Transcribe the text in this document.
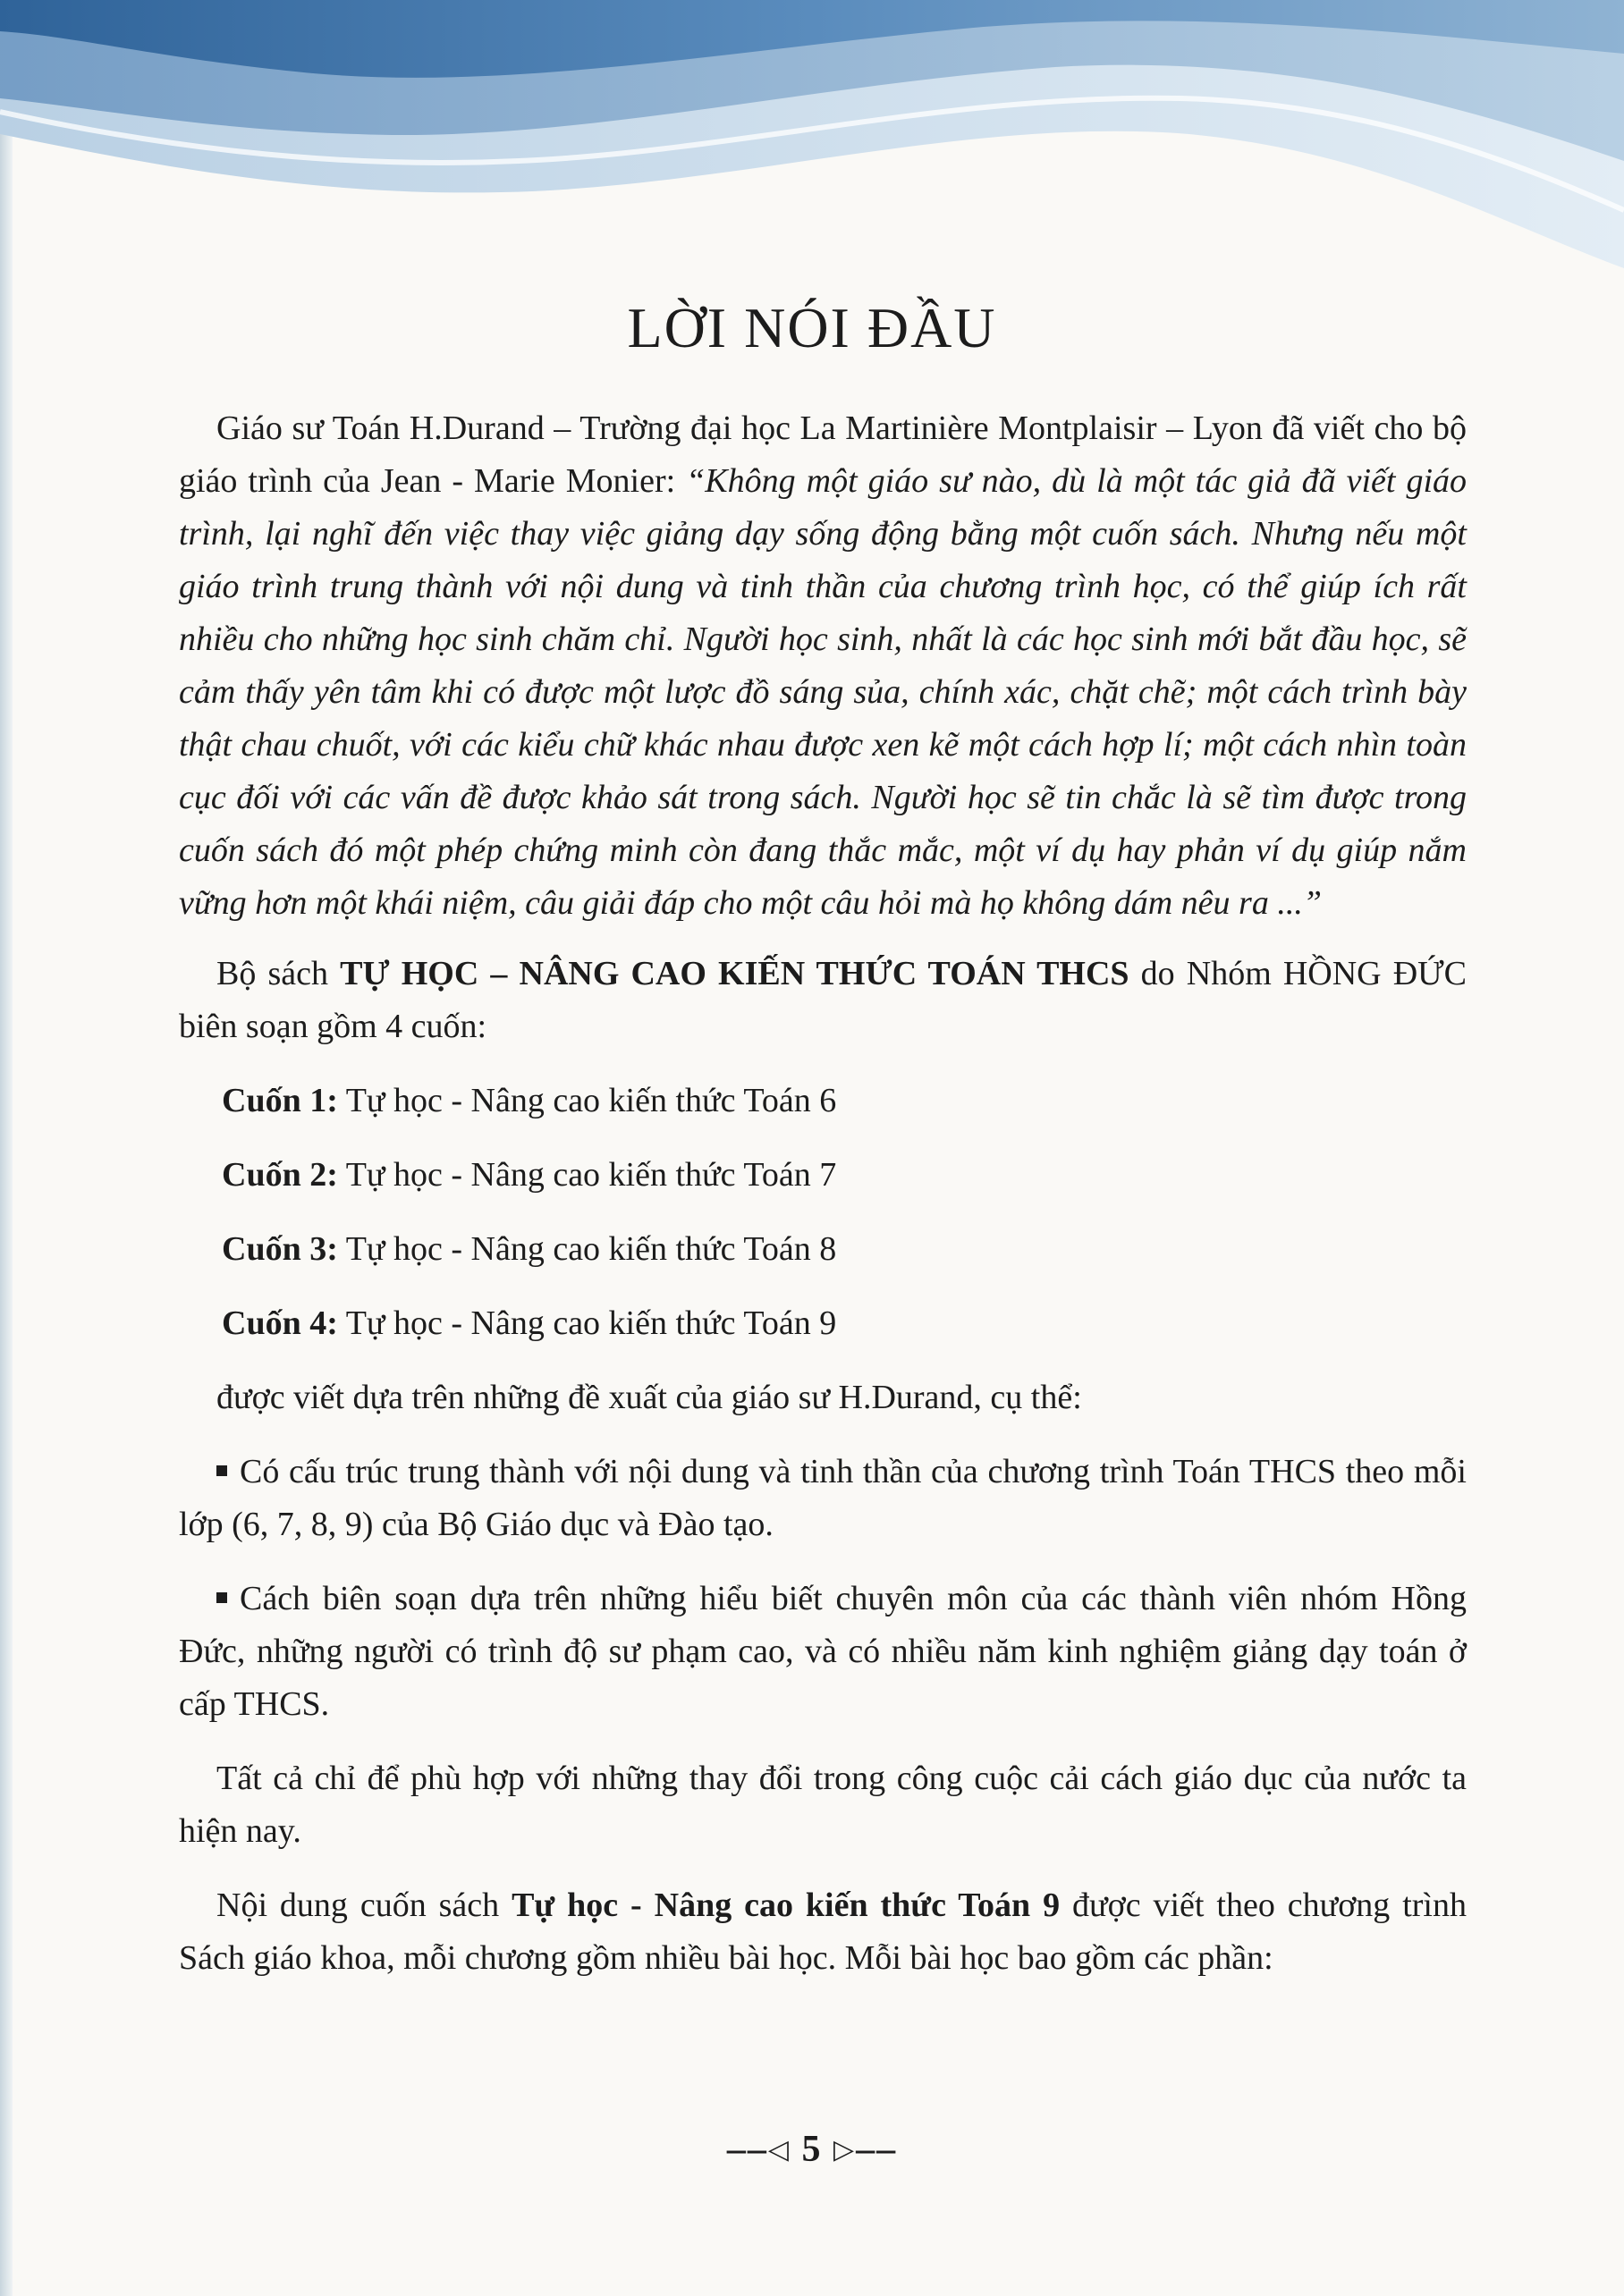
LỜI NÓI ĐẦU

Giáo sư Toán H.Durand – Trường đại học La Martinière Montplaisir – Lyon đã viết cho bộ giáo trình của Jean - Marie Monier: “Không một giáo sư nào, dù là một tác giả đã viết giáo trình, lại nghĩ đến việc thay việc giảng dạy sống động bằng một cuốn sách. Nhưng nếu một giáo trình trung thành với nội dung và tinh thần của chương trình học, có thể giúp ích rất nhiều cho những học sinh chăm chỉ. Người học sinh, nhất là các học sinh mới bắt đầu học, sẽ cảm thấy yên tâm khi có được một lược đồ sáng sủa, chính xác, chặt chẽ; một cách trình bày thật chau chuốt, với các kiểu chữ khác nhau được xen kẽ một cách hợp lí; một cách nhìn toàn cục đối với các vấn đề được khảo sát trong sách. Người học sẽ tin chắc là sẽ tìm được trong cuốn sách đó một phép chứng minh còn đang thắc mắc, một ví dụ hay phản ví dụ giúp nắm vững hơn một khái niệm, câu giải đáp cho một câu hỏi mà họ không dám nêu ra ...”

Bộ sách TỰ HỌC – NÂNG CAO KIẾN THỨC TOÁN THCS do Nhóm HỒNG ĐỨC biên soạn gồm 4 cuốn:

Cuốn 1: Tự học - Nâng cao kiến thức Toán 6

Cuốn 2: Tự học - Nâng cao kiến thức Toán 7

Cuốn 3: Tự học - Nâng cao kiến thức Toán 8

Cuốn 4: Tự học - Nâng cao kiến thức Toán 9

được viết dựa trên những đề xuất của giáo sư H.Durand, cụ thể:

Có cấu trúc trung thành với nội dung và tinh thần của chương trình Toán THCS theo mỗi lớp (6, 7, 8, 9) của Bộ Giáo dục và Đào tạo.

Cách biên soạn dựa trên những hiểu biết chuyên môn của các thành viên nhóm Hồng Đức, những người có trình độ sư phạm cao, và có nhiều năm kinh nghiệm giảng dạy toán ở cấp THCS.

Tất cả chỉ để phù hợp với những thay đổi trong công cuộc cải cách giáo dục của nước ta hiện nay.

Nội dung cuốn sách Tự học - Nâng cao kiến thức Toán 9 được viết theo chương trình Sách giáo khoa, mỗi chương gồm nhiều bài học. Mỗi bài học bao gồm các phần:

––◁ 5 ▷––
